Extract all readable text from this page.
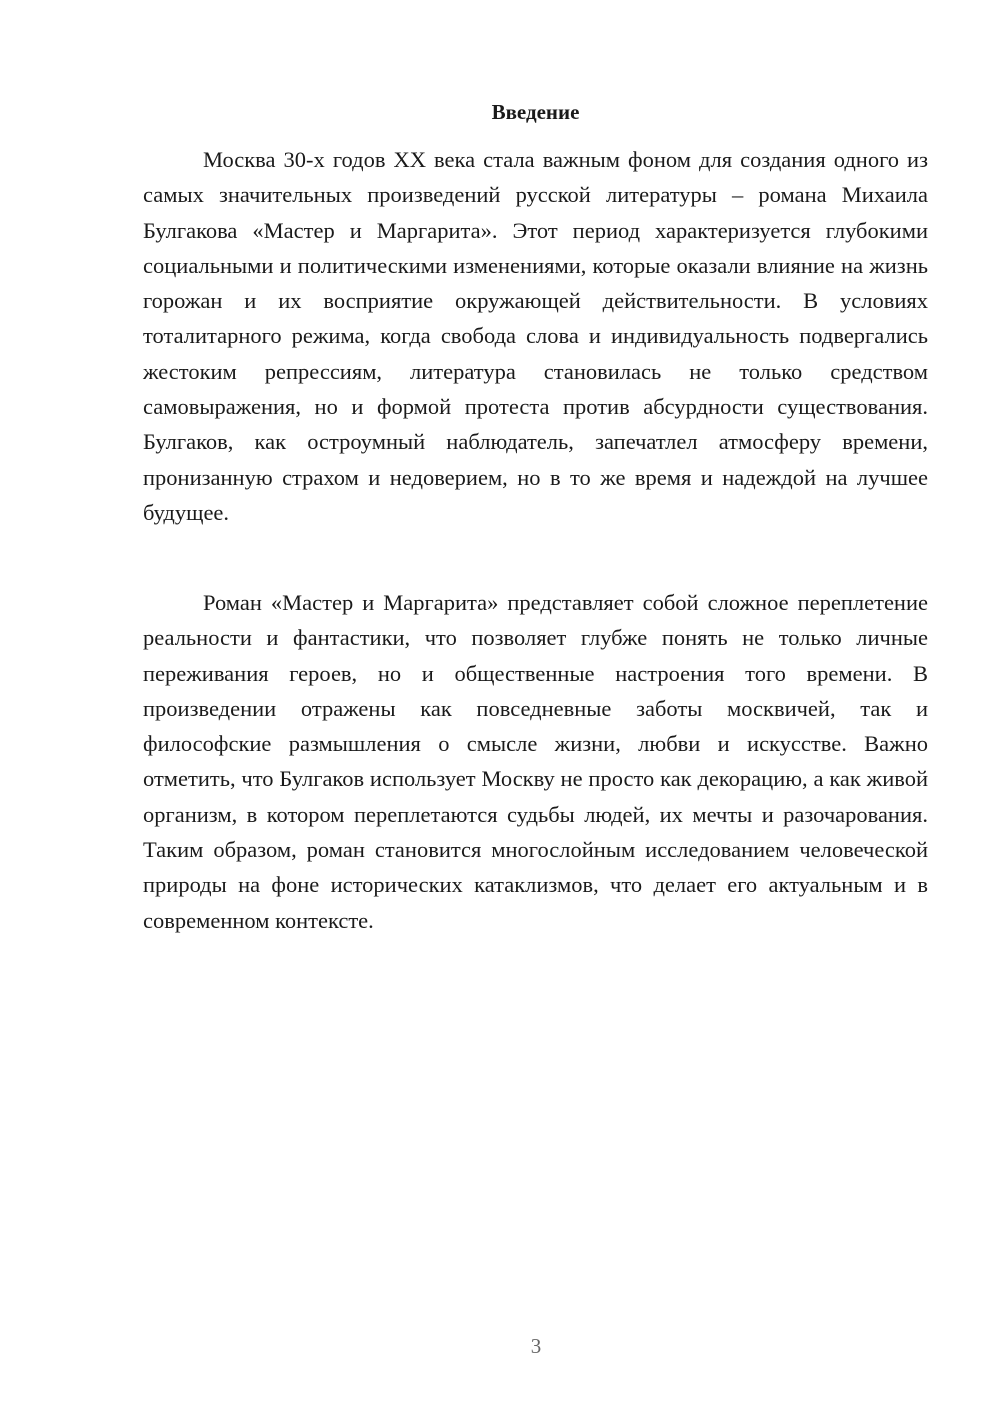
Введение

Москва 30-х годов XX века стала важным фоном для создания одного из самых значительных произведений русской литературы – романа Михаила Булгакова «Мастер и Маргарита». Этот период характеризуется глубокими социальными и политическими изменениями, которые оказали влияние на жизнь горожан и их восприятие окружающей действительности. В условиях тоталитарного режима, когда свобода слова и индивидуальность подвергались жестоким репрессиям, литература становилась не только средством самовыражения, но и формой протеста против абсурдности существования. Булгаков, как остроумный наблюдатель, запечатлел атмосферу времени, пронизанную страхом и недоверием, но в то же время и надеждой на лучшее будущее.

Роман «Мастер и Маргарита» представляет собой сложное переплетение реальности и фантастики, что позволяет глубже понять не только личные переживания героев, но и общественные настроения того времени. В произведении отражены как повседневные заботы москвичей, так и философские размышления о смысле жизни, любви и искусстве. Важно отметить, что Булгаков использует Москву не просто как декорацию, а как живой организм, в котором переплетаются судьбы людей, их мечты и разочарования. Таким образом, роман становится многослойным исследованием человеческой природы на фоне исторических катаклизмов, что делает его актуальным и в современном контексте.

3
